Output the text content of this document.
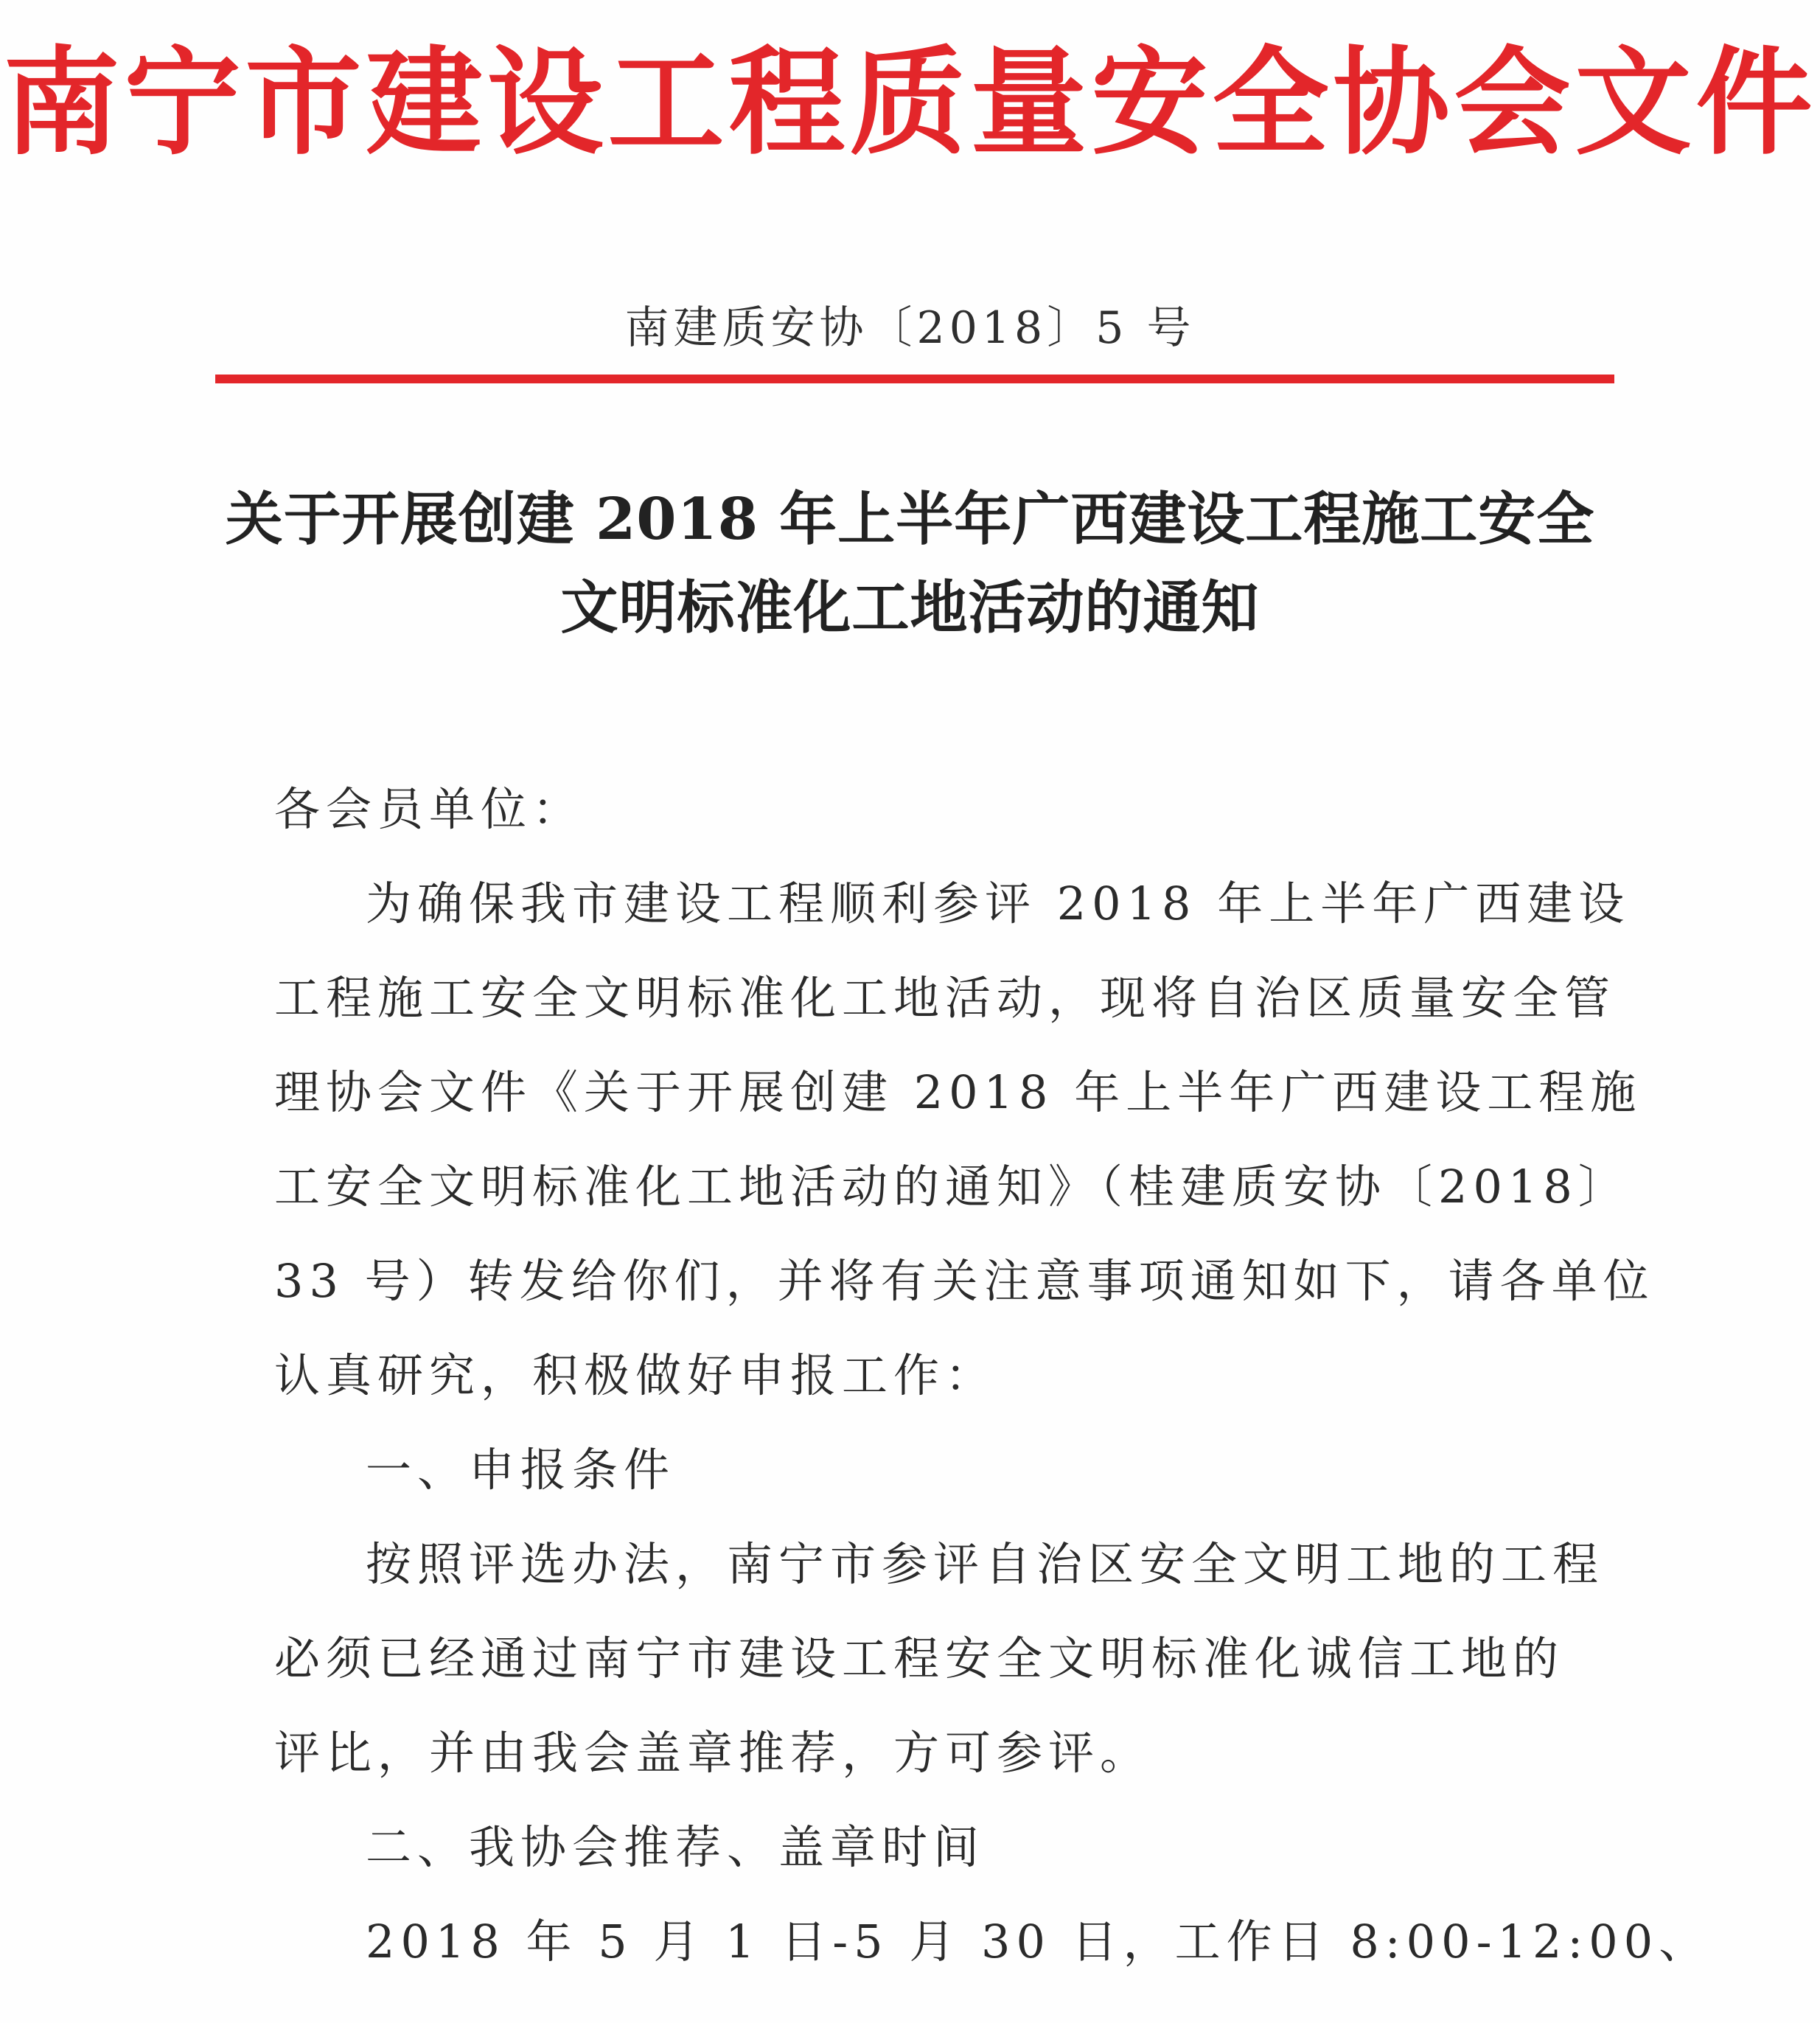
南宁市建设工程质量安全协会文件
南建质安协〔2018〕5 号
关于开展创建 2018 年上半年广西建设工程施工安全
文明标准化工地活动的通知
各会员单位：
为确保我市建设工程顺利参评 2018 年上半年广西建设
工程施工安全文明标准化工地活动，现将自治区质量安全管
理协会文件《关于开展创建 2018 年上半年广西建设工程施
工安全文明标准化工地活动的通知》（桂建质安协〔2018〕
33 号）转发给你们，并将有关注意事项通知如下，请各单位
认真研究，积极做好申报工作：
一、申报条件
按照评选办法，南宁市参评自治区安全文明工地的工程
必须已经通过南宁市建设工程安全文明标准化诚信工地的
评比，并由我会盖章推荐，方可参评。
二、我协会推荐、盖章时间
2018 年 5 月 1 日-5 月 30 日，工作日 8:00-12:00、
